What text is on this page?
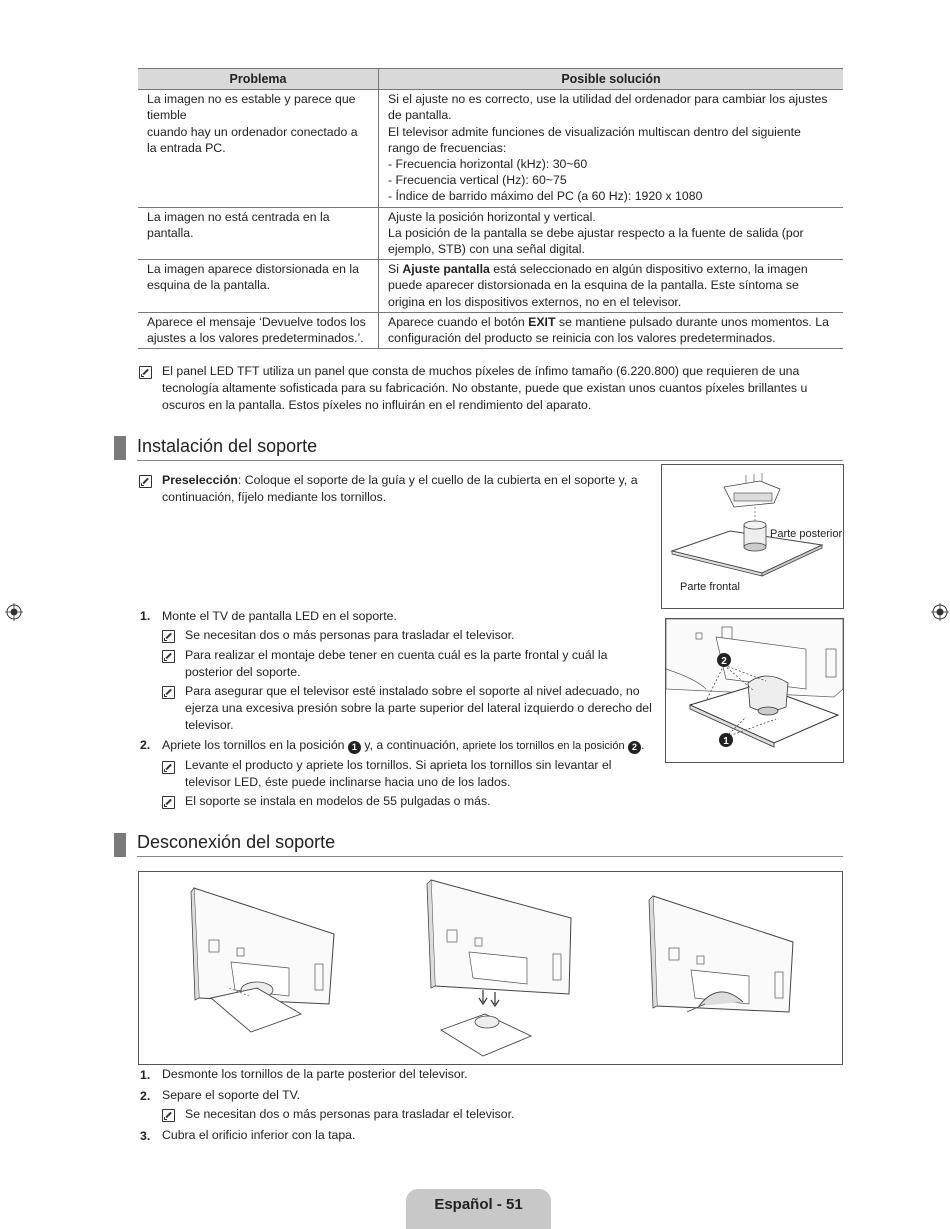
Problema	Posible solución
La imagen no es estable y parece que tiemble
cuando hay un ordenador conectado a la entrada PC.	Si el ajuste no es correcto, use la utilidad del ordenador para cambiar los ajustes de pantalla.
El televisor admite funciones de visualización multiscan dentro del siguiente rango de frecuencias:
- Frecuencia horizontal (kHz): 30~60
- Frecuencia vertical (Hz): 60~75
- Índice de barrido máximo del PC (a 60 Hz): 1920 x 1080
La imagen no está centrada en la pantalla.	Ajuste la posición horizontal y vertical.
La posición de la pantalla se debe ajustar respecto a la fuente de salida (por ejemplo, STB) con una señal digital.
La imagen aparece distorsionada en la esquina de la pantalla.	Si Ajuste pantalla está seleccionado en algún dispositivo externo, la imagen puede aparecer distorsionada en la esquina de la pantalla. Este síntoma se origina en los dispositivos externos, no en el televisor.
Aparece el mensaje ‘Devuelve todos los ajustes a los valores predeterminados.’.	Aparece cuando el botón EXIT se mantiene pulsado durante unos momentos. La configuración del producto se reinicia con los valores predeterminados.
El panel LED TFT utiliza un panel que consta de muchos píxeles de ínfimo tamaño (6.220.800) que requieren de una tecnología altamente sofisticada para su fabricación. No obstante, puede que existan unos cuantos píxeles brillantes u oscuros en la pantalla. Estos píxeles no influirán en el rendimiento del aparato.
Instalación del soporte
Preselección: Coloque el soporte de la guía y el cuello de la cubierta en el soporte y, a continuación, fíjelo mediante los tornillos.
Parte posterior
Parte frontal
1. Monte el TV de pantalla LED en el soporte.
Se necesitan dos o más personas para trasladar el televisor.
Para realizar el montaje debe tener en cuenta cuál es la parte frontal y cuál la posterior del soporte.
Para asegurar que el televisor esté instalado sobre el soporte al nivel adecuado, no ejerza una excesiva presión sobre la parte superior del lateral izquierdo o derecho del televisor.
2. Apriete los tornillos en la posición 1 y, a continuación, apriete los tornillos en la posición 2 .
Levante el producto y apriete los tornillos. Si aprieta los tornillos sin levantar el televisor LED, éste puede inclinarse hacia uno de los lados.
El soporte se instala en modelos de 55 pulgadas o más.
2
1
Desconexión del soporte
1. Desmonte los tornillos de la parte posterior del televisor.
2. Separe el soporte del TV.
Se necesitan dos o más personas para trasladar el televisor.
3. Cubra el orificio inferior con la tapa.
Español - 51
